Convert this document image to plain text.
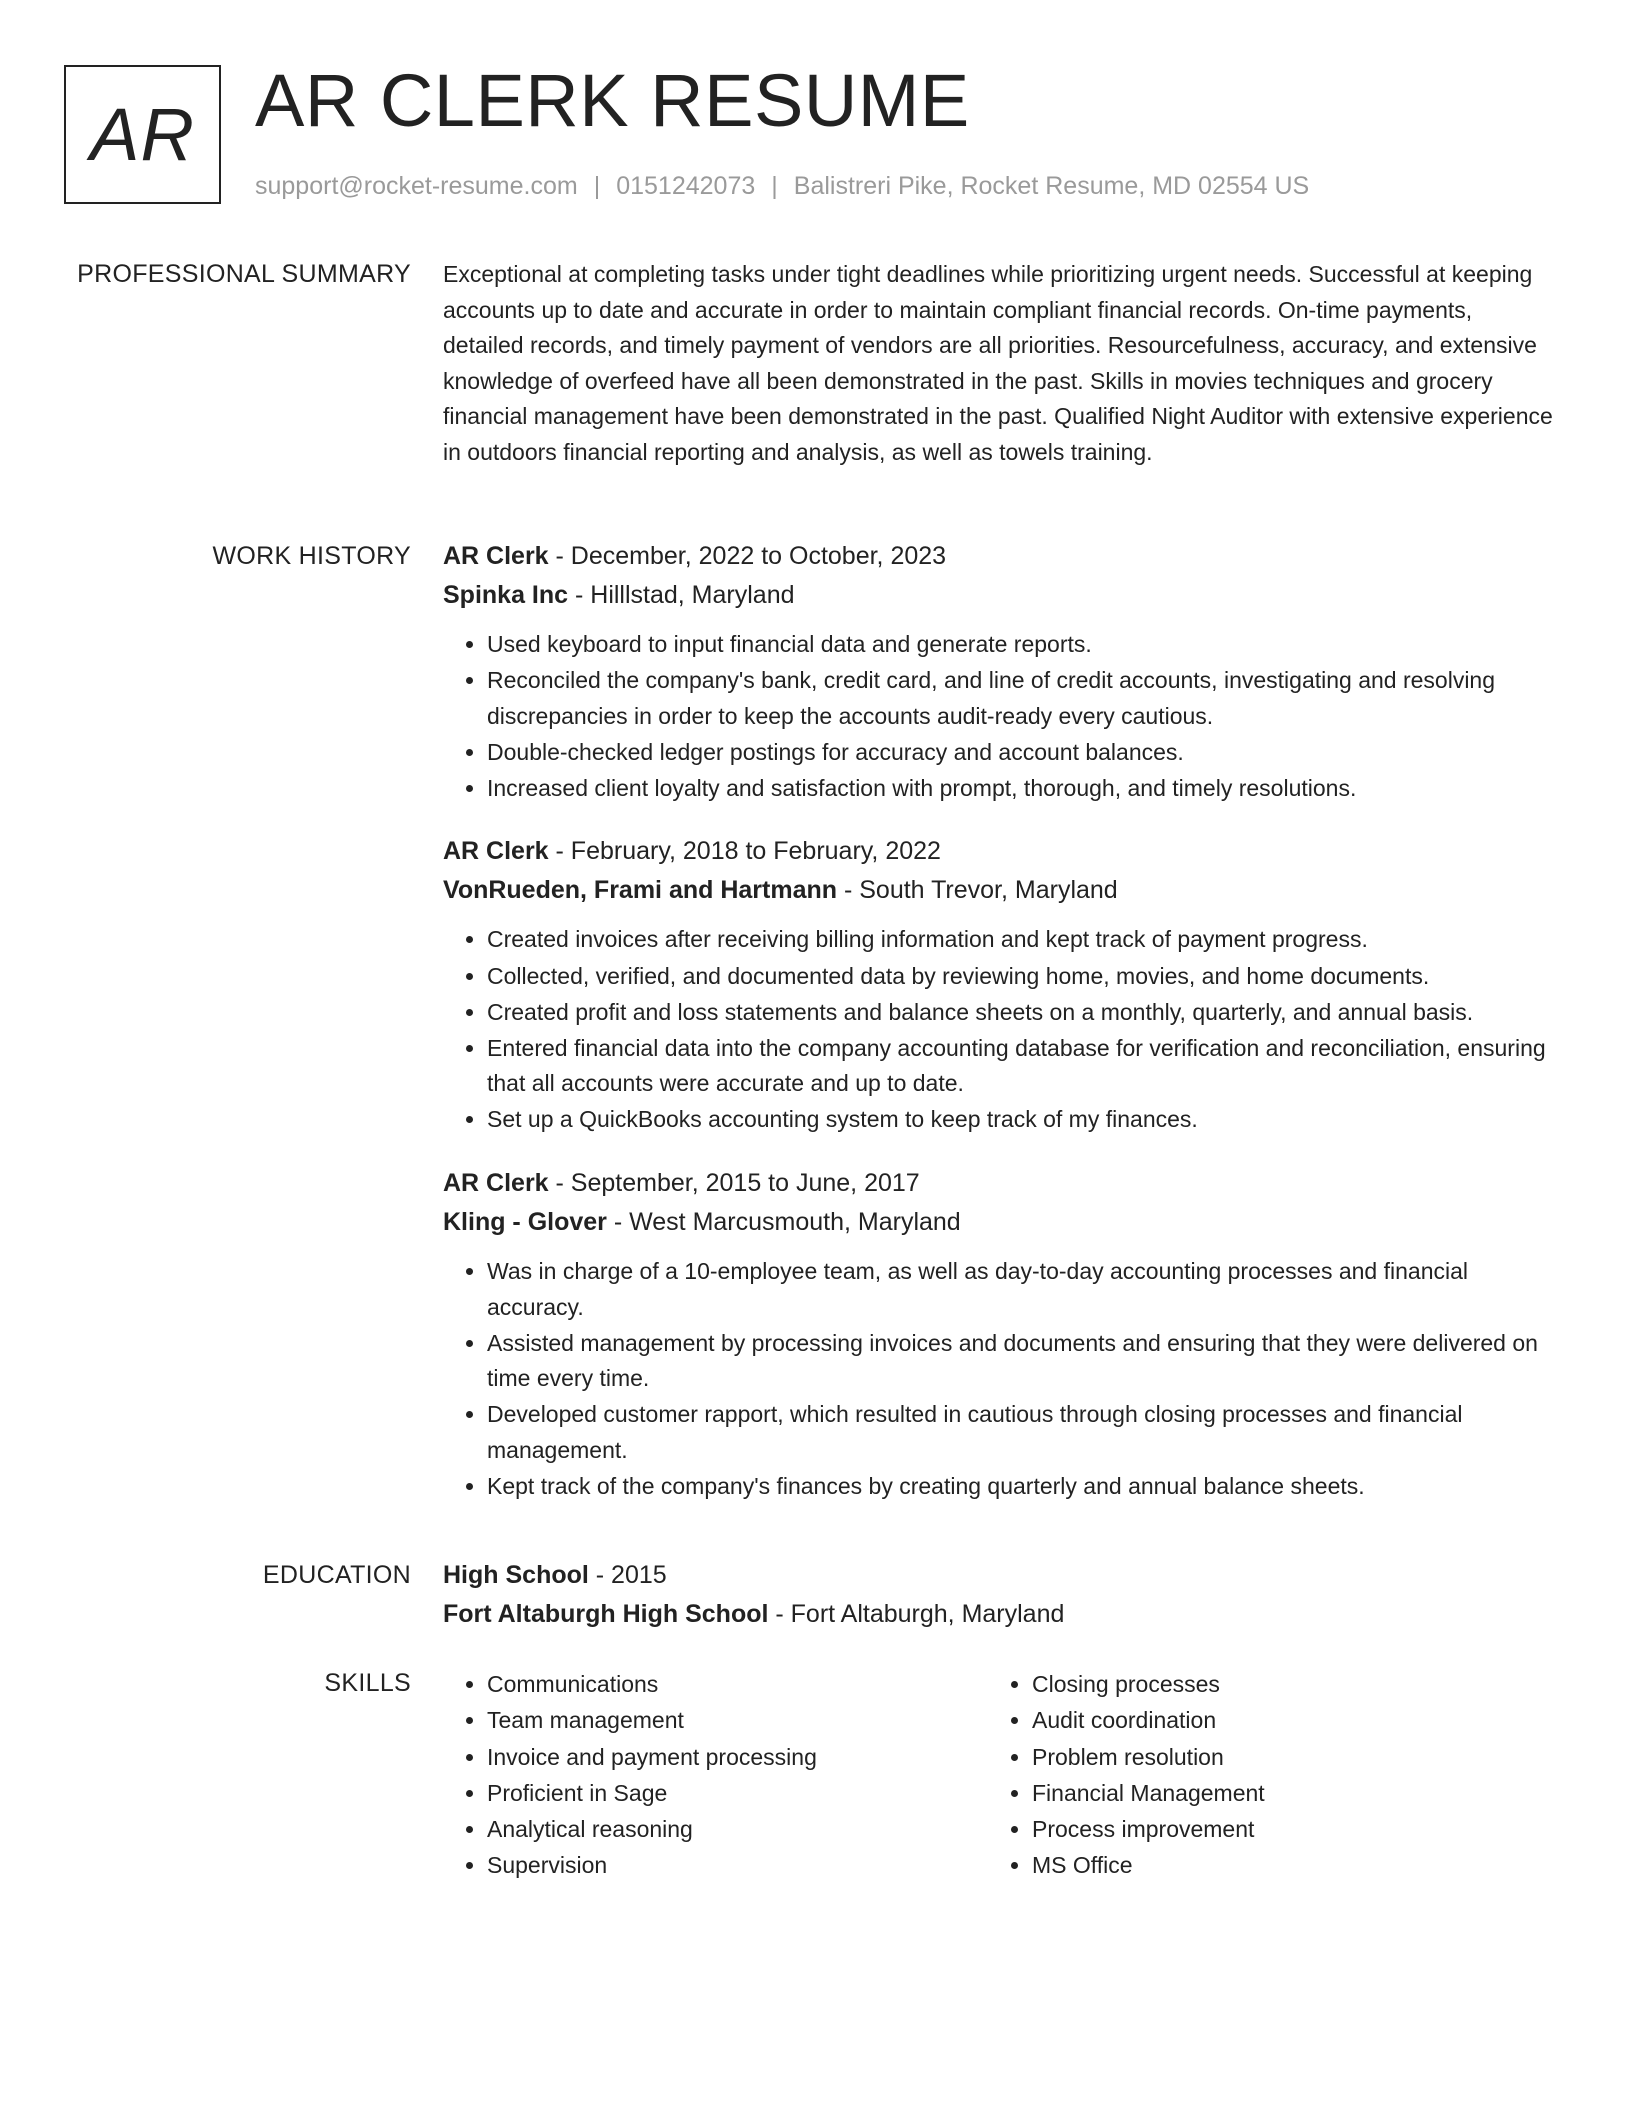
AR AR CLERK RESUME
support@rocket-resume.com | 0151242073 | Balistreri Pike, Rocket Resume, MD 02554 US
PROFESSIONAL SUMMARY Exceptional at completing tasks under tight deadlines while prioritizing urgent needs. Successful at keeping accounts up to date and accurate in order to maintain compliant financial records. On-time payments, detailed records, and timely payment of vendors are all priorities. Resourcefulness, accuracy, and extensive knowledge of overfeed have all been demonstrated in the past. Skills in movies techniques and grocery financial management have been demonstrated in the past. Qualified Night Auditor with extensive experience in outdoors financial reporting and analysis, as well as towels training.

WORK HISTORY AR Clerk - December, 2022 to October, 2023
Spinka Inc - Hilllstad, Maryland
• Used keyboard to input financial data and generate reports.
• Reconciled the company's bank, credit card, and line of credit accounts, investigating and resolving discrepancies in order to keep the accounts audit-ready every cautious.
• Double-checked ledger postings for accuracy and account balances.
• Increased client loyalty and satisfaction with prompt, thorough, and timely resolutions.
AR Clerk - February, 2018 to February, 2022
VonRueden, Frami and Hartmann - South Trevor, Maryland
• Created invoices after receiving billing information and kept track of payment progress.
• Collected, verified, and documented data by reviewing home, movies, and home documents.
• Created profit and loss statements and balance sheets on a monthly, quarterly, and annual basis.
• Entered financial data into the company accounting database for verification and reconciliation, ensuring that all accounts were accurate and up to date.
• Set up a QuickBooks accounting system to keep track of my finances.
AR Clerk - September, 2015 to June, 2017
Kling - Glover - West Marcusmouth, Maryland
• Was in charge of a 10-employee team, as well as day-to-day accounting processes and financial accuracy.
• Assisted management by processing invoices and documents and ensuring that they were delivered on time every time.
• Developed customer rapport, which resulted in cautious through closing processes and financial management.
• Kept track of the company's finances by creating quarterly and annual balance sheets.
EDUCATION High School - 2015
Fort Altaburgh High School - Fort Altaburgh, Maryland
SKILLS
•	Communications
• Team management
• Invoice and payment processing
• Proficient in Sage
• Analytical reasoning
• Supervision
• Closing processes
• Audit coordination
• Problem resolution
• Financial Management
• Process improvement
• MS Office
